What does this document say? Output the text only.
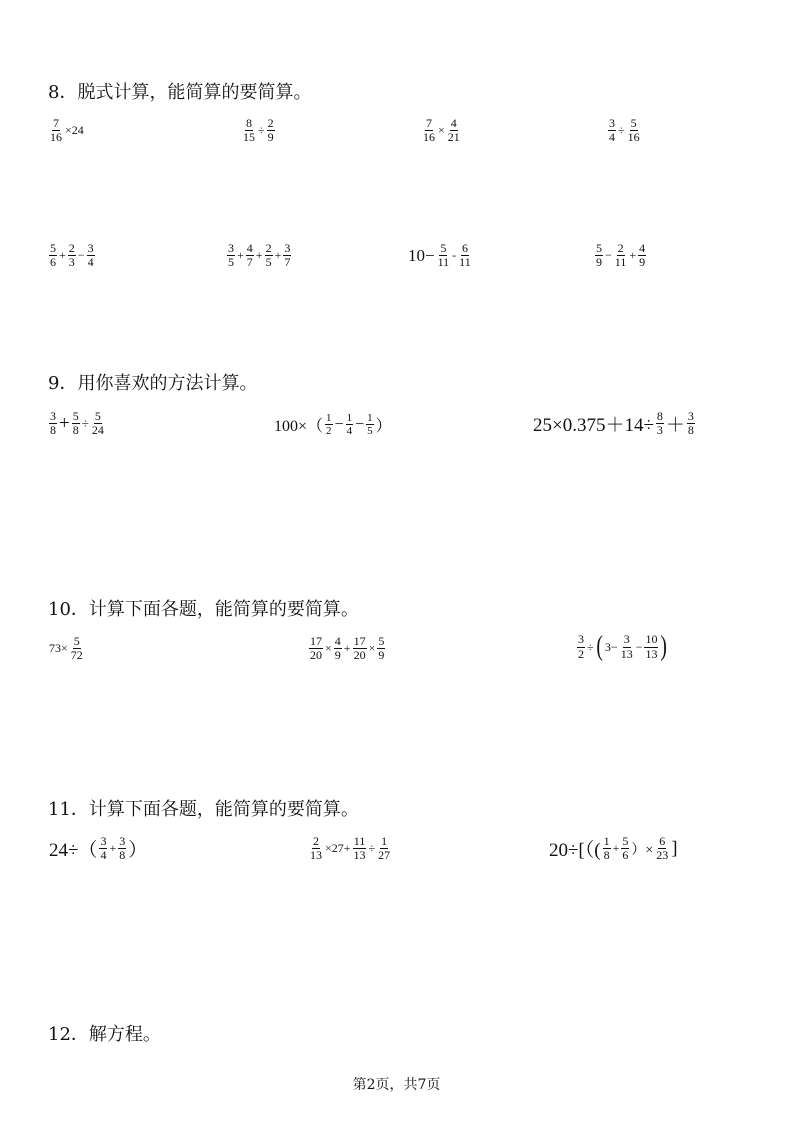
8．脱式计算，能简算的要简算。
$\frac{7}{16} \times 24$	$\frac{8}{15} \div \frac{2}{9}$	$\frac{7}{16} \times \frac{4}{21}$	$\frac{3}{4} \div \frac{5}{16}$
$\frac{5}{6} + \frac{2}{3} - \frac{3}{4}$	$\frac{3}{5} + \frac{4}{7} + \frac{2}{5} + \frac{3}{7}$	$10- \frac{5}{11} - \frac{6}{11}$	$\frac{5}{9} - \frac{2}{11} + \frac{4}{9}$
9．用你喜欢的方法计算。
$\frac{3}{8} + \frac{5}{8} \div \frac{5}{24}$	$100\times( \frac{1}{2} - \frac{1}{4} - \frac{1}{5}$ ）	$25\times 0.375+14\div \frac{8}{3} + \frac{3}{8}$
10．计算下面各题，能简算的要简算。
$73\times \frac{5}{72}$	$\frac{17}{20} \times \frac{4}{9} + \frac{17}{20} \times \frac{5}{9}$	$\frac{3}{2}$ ÷ ( $3- \frac{3}{13} - \frac{10}{13}$ )
11．计算下面各题，能简算的要简算。
$24\div( \frac{3}{4} + \frac{3}{8}$ ）	$\frac{2}{13} \times 27+ \frac{11}{13} \div \frac{1}{27}$	$20\div[(( \frac{1}{8} + \frac{5}{6}$ ）× $\frac{6}{23}$ ]
12．解方程。
第2页，共7页
